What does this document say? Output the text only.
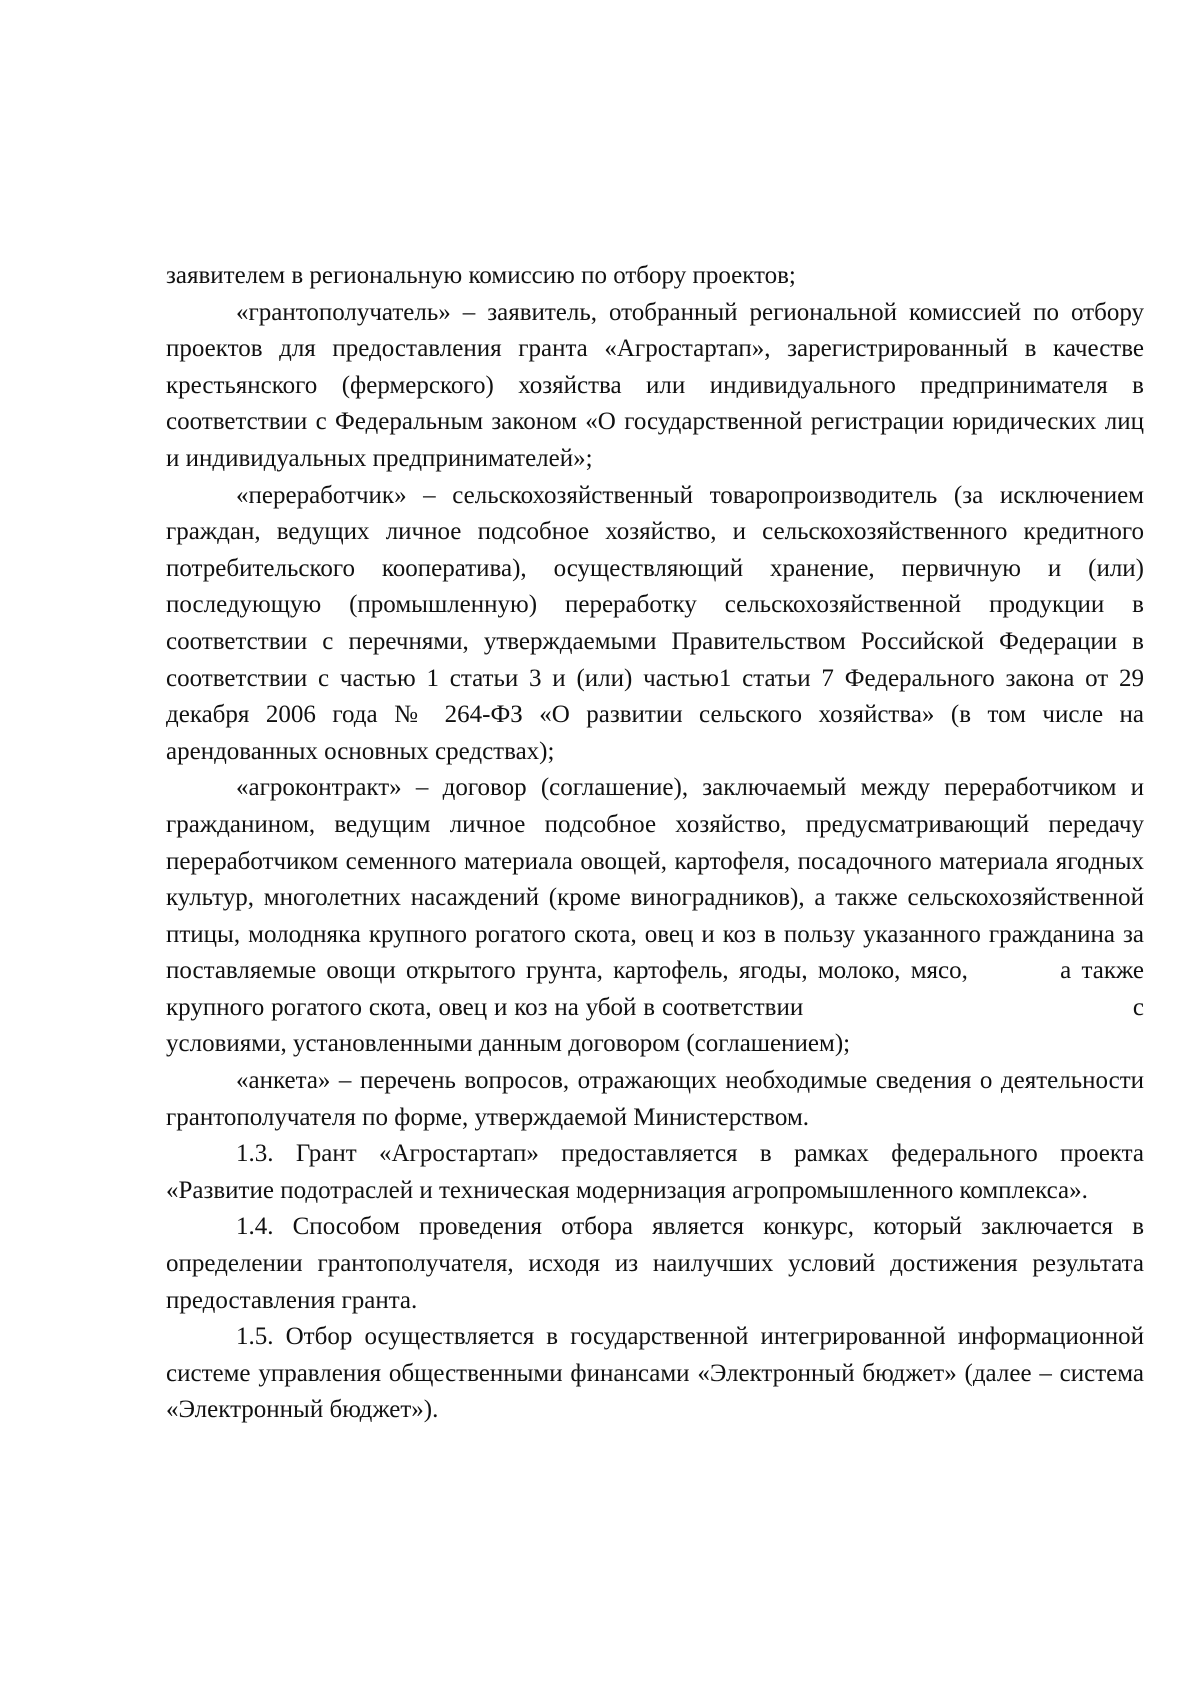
заявителем в региональную комиссию по отбору проектов;

«грантополучатель» – заявитель, отобранный региональной комиссией по отбору проектов для предоставления гранта «Агростартап», зарегистрированный в качестве крестьянского (фермерского) хозяйства или индивидуального предпринимателя в соответствии с Федеральным законом «О государственной регистрации юридических лиц и индивидуальных предпринимателей»;

«переработчик» – сельскохозяйственный товаропроизводитель (за исключением граждан, ведущих личное подсобное хозяйство, и сельскохозяйственного кредитного потребительского кооператива), осуществляющий хранение, первичную и (или) последующую (промышленную) переработку сельскохозяйственной продукции в соответствии с перечнями, утверждаемыми Правительством Российской Федерации в соответствии с частью 1 статьи 3 и (или) частью1 статьи 7 Федерального закона от 29 декабря 2006 года № 264-ФЗ «О развитии сельского хозяйства» (в том числе на арендованных основных средствах);

«агроконтракт» – договор (соглашение), заключаемый между переработчиком и гражданином, ведущим личное подсобное хозяйство, предусматривающий передачу переработчиком семенного материала овощей, картофеля, посадочного материала ягодных культур, многолетних насаждений (кроме виноградников), а также сельскохозяйственной птицы, молодняка крупного рогатого скота, овец и коз в пользу указанного гражданина за поставляемые овощи открытого грунта, картофель, ягоды, молоко, мясо,         а также крупного рогатого скота, овец и коз на убой в соответствии                                                с условиями, установленными данным договором (соглашением);

«анкета» – перечень вопросов, отражающих необходимые сведения о деятельности грантополучателя по форме, утверждаемой Министерством.

1.3. Грант «Агростартап» предоставляется в рамках федерального проекта «Развитие подотраслей и техническая модернизация агропромышленного комплекса».

1.4. Способом проведения отбора является конкурс, который заключается в определении грантополучателя, исходя из наилучших условий достижения результата предоставления гранта.

1.5. Отбор осуществляется в государственной интегрированной информационной системе управления общественными финансами «Электронный бюджет» (далее – система «Электронный бюджет»).
